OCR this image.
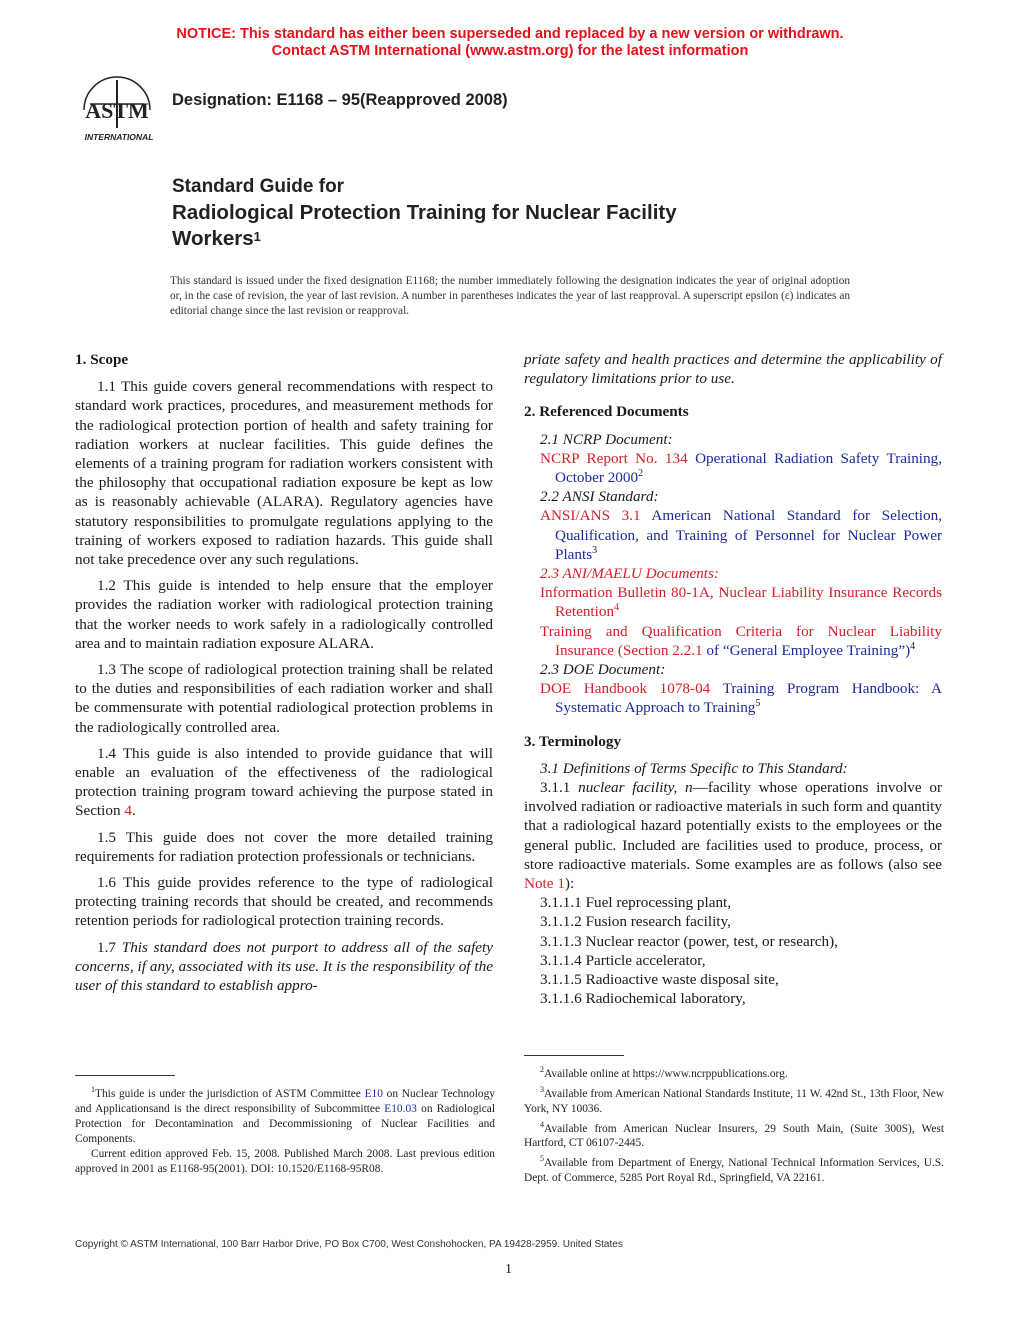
NOTICE: This standard has either been superseded and replaced by a new version or withdrawn.
Contact ASTM International (www.astm.org) for the latest information
ASTM
INTERNATIONAL
Designation: E1168 – 95(Reapproved 2008)
Standard Guide for
Radiological Protection Training for Nuclear Facility
Workers$^1$
This standard is issued under the fixed designation E1168; the number immediately following the designation indicates the year of original adoption or, in the case of revision, the year of last revision. A number in parentheses indicates the year of last reapproval. A superscript epsilon (ε) indicates an editorial change since the last revision or reapproval.
1. Scope

1.1 This guide covers general recommendations with respect to standard work practices, procedures, and measurement methods for the radiological protection portion of health and safety training for radiation workers at nuclear facilities. This guide defines the elements of a training program for radiation workers consistent with the philosophy that occupational radiation exposure be kept as low as is reasonably achievable (ALARA). Regulatory agencies have statutory responsibilities to promulgate regulations applying to the training of workers exposed to radiation hazards. This guide shall not take precedence over any such regulations.

1.2 This guide is intended to help ensure that the employer provides the radiation worker with radiological protection training that the worker needs to work safely in a radiologically controlled area and to maintain radiation exposure ALARA.

1.3 The scope of radiological protection training shall be related to the duties and responsibilities of each radiation worker and shall be commensurate with potential radiological protection problems in the radiologically controlled area.

1.4 This guide is also intended to provide guidance that will enable an evaluation of the effectiveness of the radiological protection training program toward achieving the purpose stated in Section 4.

1.5 This guide does not cover the more detailed training requirements for radiation protection professionals or technicians.

1.6 This guide provides reference to the type of radiological protecting training records that should be created, and recommends retention periods for radiological protection training records.

1.7 This standard does not purport to address all of the safety concerns, if any, associated with its use. It is the responsibility of the user of this standard to establish appro-

priate safety and health practices and determine the applicability of regulatory limitations prior to use.

2. Referenced Documents

2.1 NCRP Document:

NCRP Report No. 134 Operational Radiation Safety Training, October 2000$^2$

2.2 ANSI Standard:

ANSI/ANS 3.1 American National Standard for Selection, Qualification, and Training of Personnel for Nuclear Power Plants$^3$

2.3 ANI/MAELU Documents:

Information Bulletin 80-1A, Nuclear Liability Insurance Records Retention$^4$

Training and Qualification Criteria for Nuclear Liability Insurance (Section 2.2.1 of “General Employee Training”)$^4$

2.3 DOE Document:

DOE Handbook 1078-04 Training Program Handbook: A Systematic Approach to Training$^5$

3. Terminology

3.1 Definitions of Terms Specific to This Standard:

3.1.1 nuclear facility, n—facility whose operations involve or involved radiation or radioactive materials in such form and quantity that a radiological hazard potentially exists to the employees or the general public. Included are facilities used to produce, process, or store radioactive materials. Some examples are as follows (also see Note 1):

3.1.1.1 Fuel reprocessing plant,

3.1.1.2 Fusion research facility,

3.1.1.3 Nuclear reactor (power, test, or research),

3.1.1.4 Particle accelerator,

3.1.1.5 Radioactive waste disposal site,

3.1.1.6 Radiochemical laboratory,

$^1$This guide is under the jurisdiction of ASTM Committee E10 on Nuclear Technology and Applicationsand is the direct responsibility of Subcommittee E10.03 on Radiological Protection for Decontamination and Decommissioning of Nuclear Facilities and Components.

Current edition approved Feb. 15, 2008. Published March 2008. Last previous edition approved in 2001 as E1168-95(2001). DOI: 10.1520/E1168-95R08.

$^2$Available online at https://www.ncrppublications.org.

$^3$Available from American National Standards Institute, 11 W. 42nd St., 13th Floor, New York, NY 10036.

$^4$Available from American Nuclear Insurers, 29 South Main, (Suite 300S), West Hartford, CT 06107-2445.

$^5$Available from Department of Energy, National Technical Information Services, U.S. Dept. of Commerce, 5285 Port Royal Rd., Springfield, VA 22161.

Copyright © ASTM International, 100 Barr Harbor Drive, PO Box C700, West Conshohocken, PA 19428-2959. United States
1
